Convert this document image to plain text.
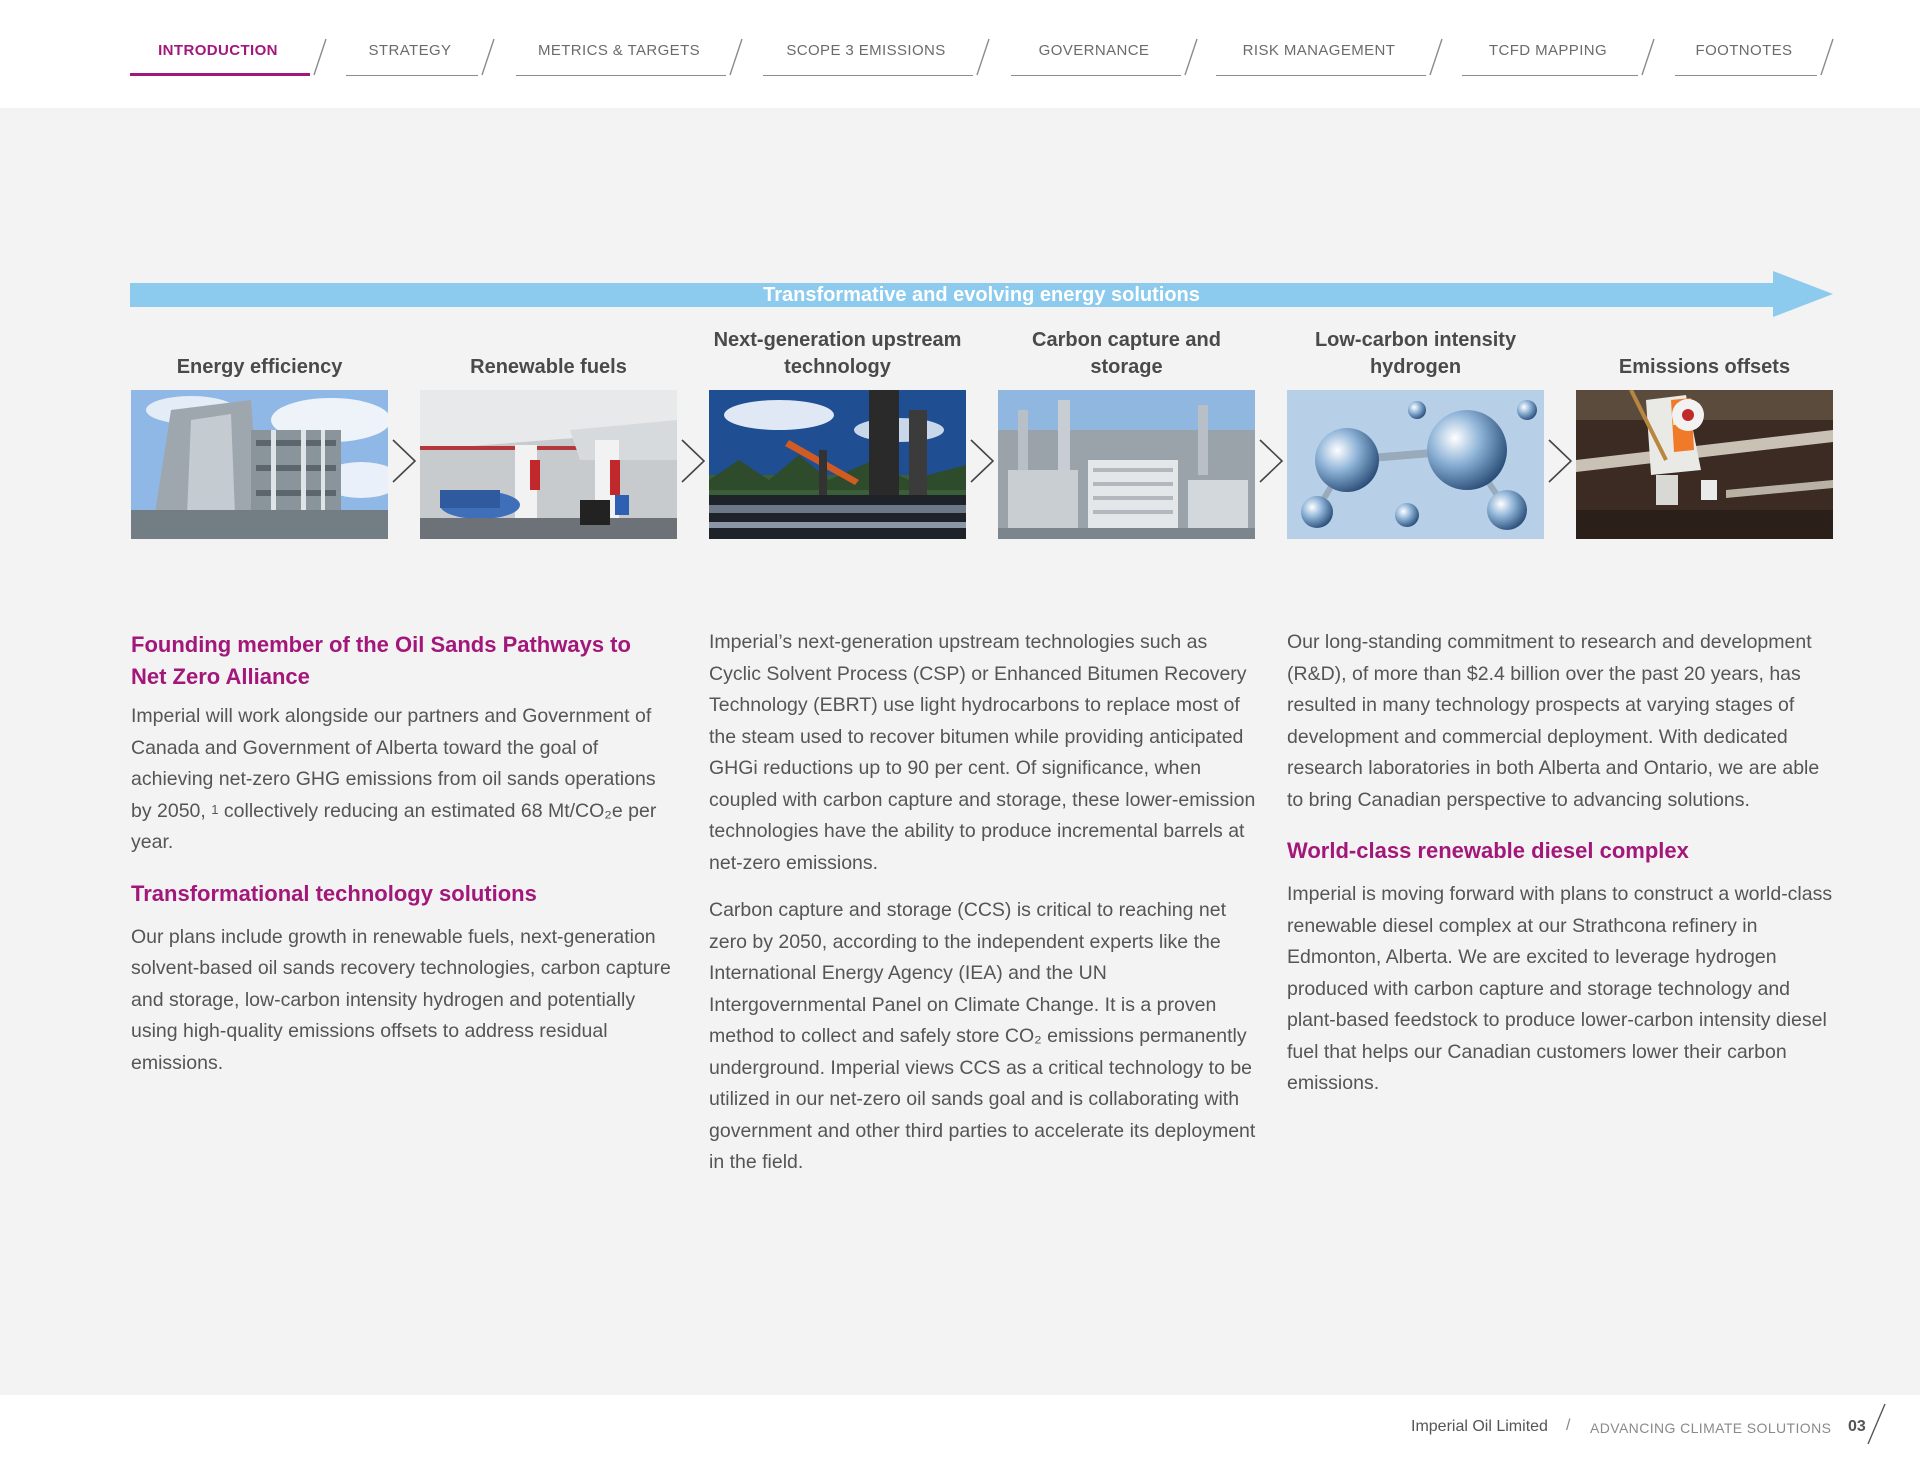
INTRODUCTION	STRATEGY	METRICS & TARGETS	SCOPE 3 EMISSIONS	GOVERNANCE	RISK MANAGEMENT	TCFD MAPPING	FOOTNOTES
Transformative and evolving energy solutions
Energy efficiency	Renewable fuels
Next-generation upstream technology
Carbon capture and storage
Low-carbon intensity hydrogen	Emissions offsets
Founding member of the Oil Sands Pathways to Net Zero Alliance

Imperial will work alongside our partners and Government of Canada and Government of Alberta toward the goal of achieving net-zero GHG emissions from oil sands operations by 2050, $^1$ collectively reducing an estimated 68 Mt/CO₂e per year.

Transformational technology solutions

Our plans include growth in renewable fuels, next-generation solvent-based oil sands recovery technologies, carbon capture and storage, low-carbon intensity hydrogen and potentially using high-quality emissions offsets to address residual emissions.

Imperial’s next-generation upstream technologies such as Cyclic Solvent Process (CSP) or Enhanced Bitumen Recovery Technology (EBRT) use light hydrocarbons to replace most of the steam used to recover bitumen while providing anticipated GHGi reductions up to 90 per cent. Of significance, when coupled with carbon capture and storage, these lower-emission technologies have the ability to produce incremental barrels at net-zero emissions.

Carbon capture and storage (CCS) is critical to reaching net zero by 2050, according to the independent experts like the International Energy Agency (IEA) and the UN Intergovernmental Panel on Climate Change. It is a proven method to collect and safely store CO₂ emissions permanently underground. Imperial views CCS as a critical technology to be utilized in our net-zero oil sands goal and is collaborating with government and other third parties to accelerate its deployment in the field.

Our long-standing commitment to research and development (R&D), of more than $2.4 billion over the past 20 years, has resulted in many technology prospects at varying stages of development and commercial deployment. With dedicated research laboratories in both Alberta and Ontario, we are able to bring Canadian perspective to advancing solutions.

World-class renewable diesel complex

Imperial is moving forward with plans to construct a world-class renewable diesel complex at our Strathcona refinery in Edmonton, Alberta. We are excited to leverage hydrogen produced with carbon capture and storage technology and plant-based feedstock to produce lower-carbon intensity diesel fuel that helps our Canadian customers lower their carbon emissions.

Imperial Oil Limited / ADVANCING CLIMATE SOLUTIONS 03
